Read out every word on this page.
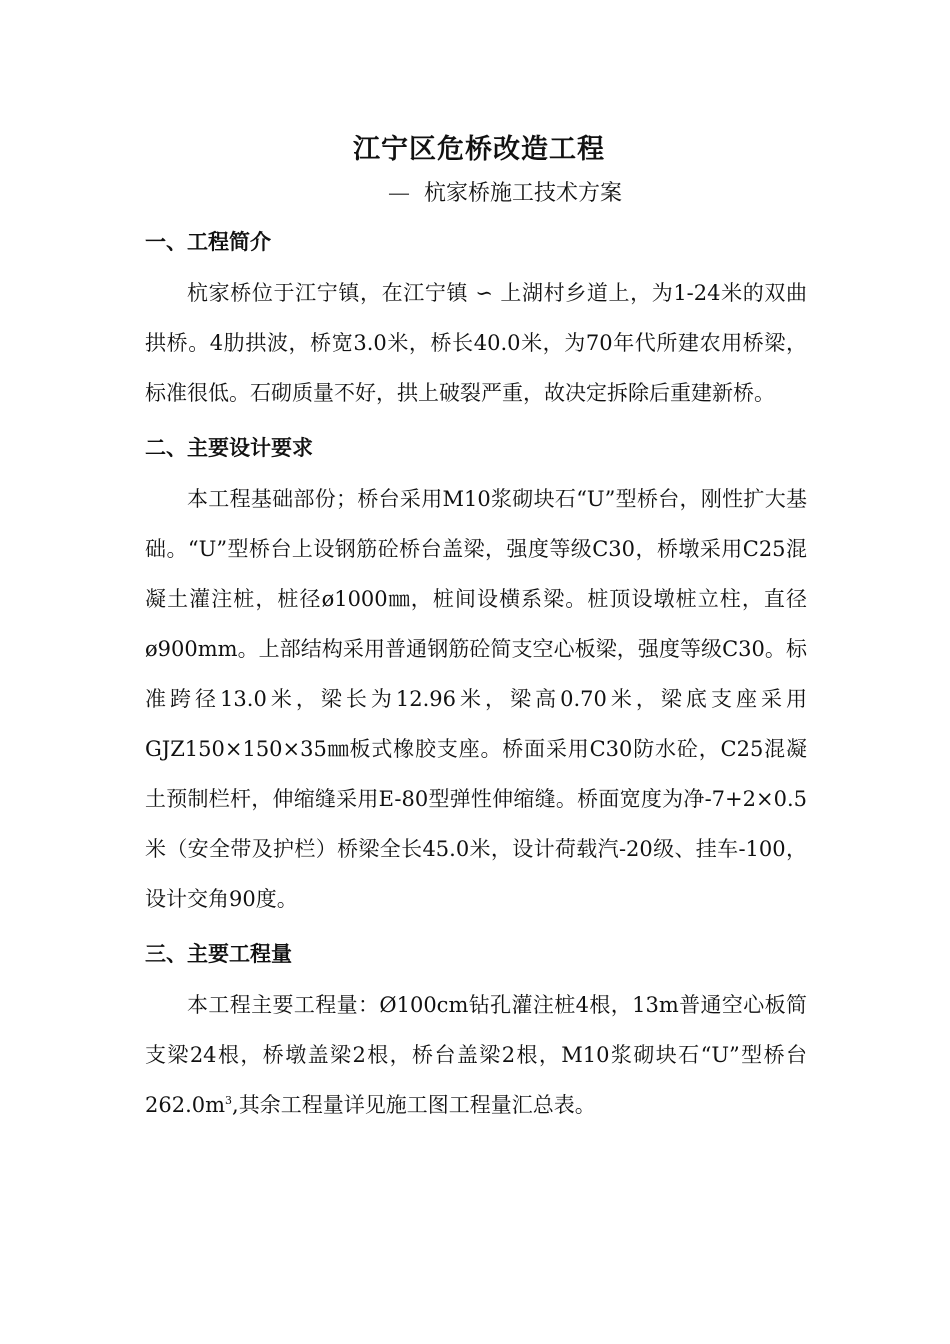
江宁区危桥改造工程
— 杭家桥施工技术方案
一、工程简介

杭家桥位于江宁镇，在江宁镇 ∽ 上湖村乡道上，为1-24米的双曲拱桥。4肋拱波，桥宽3.0米，桥长40.0米，为70年代所建农用桥梁，标准很低。石砌质量不好，拱上破裂严重，故决定拆除后重建新桥。

二、主要设计要求

本工程基础部份；桥台采用M10浆砌块石“U”型桥台，刚性扩大基础。“U”型桥台上设钢筋砼桥台盖梁，强度等级C30，桥墩采用C25混凝土灌注桩，桩径ø1000㎜，桩间设横系梁。桩顶设墩桩立柱，直径ø900mm。上部结构采用普通钢筋砼简支空心板梁，强度等级C30。标准跨径13.0米，梁长为12.96米，梁高0.70米，梁底支座采用GJZ150×150×35㎜板式橡胶支座。桥面采用C30防水砼，C25混凝土预制栏杆，伸缩缝采用E-80型弹性伸缩缝。桥面宽度为净-7+2×0.5米（安全带及护栏）桥梁全长45.0米，设计荷载汽-20级、挂车-100，设计交角90度。

三、主要工程量

本工程主要工程量：Ø100cm钻孔灌注桩4根，13m普通空心板简支梁24根，桥墩盖梁2根，桥台盖梁2根，M10浆砌块石“U”型桥台$262.0m^3$,其余工程量详见施工图工程量汇总表。
